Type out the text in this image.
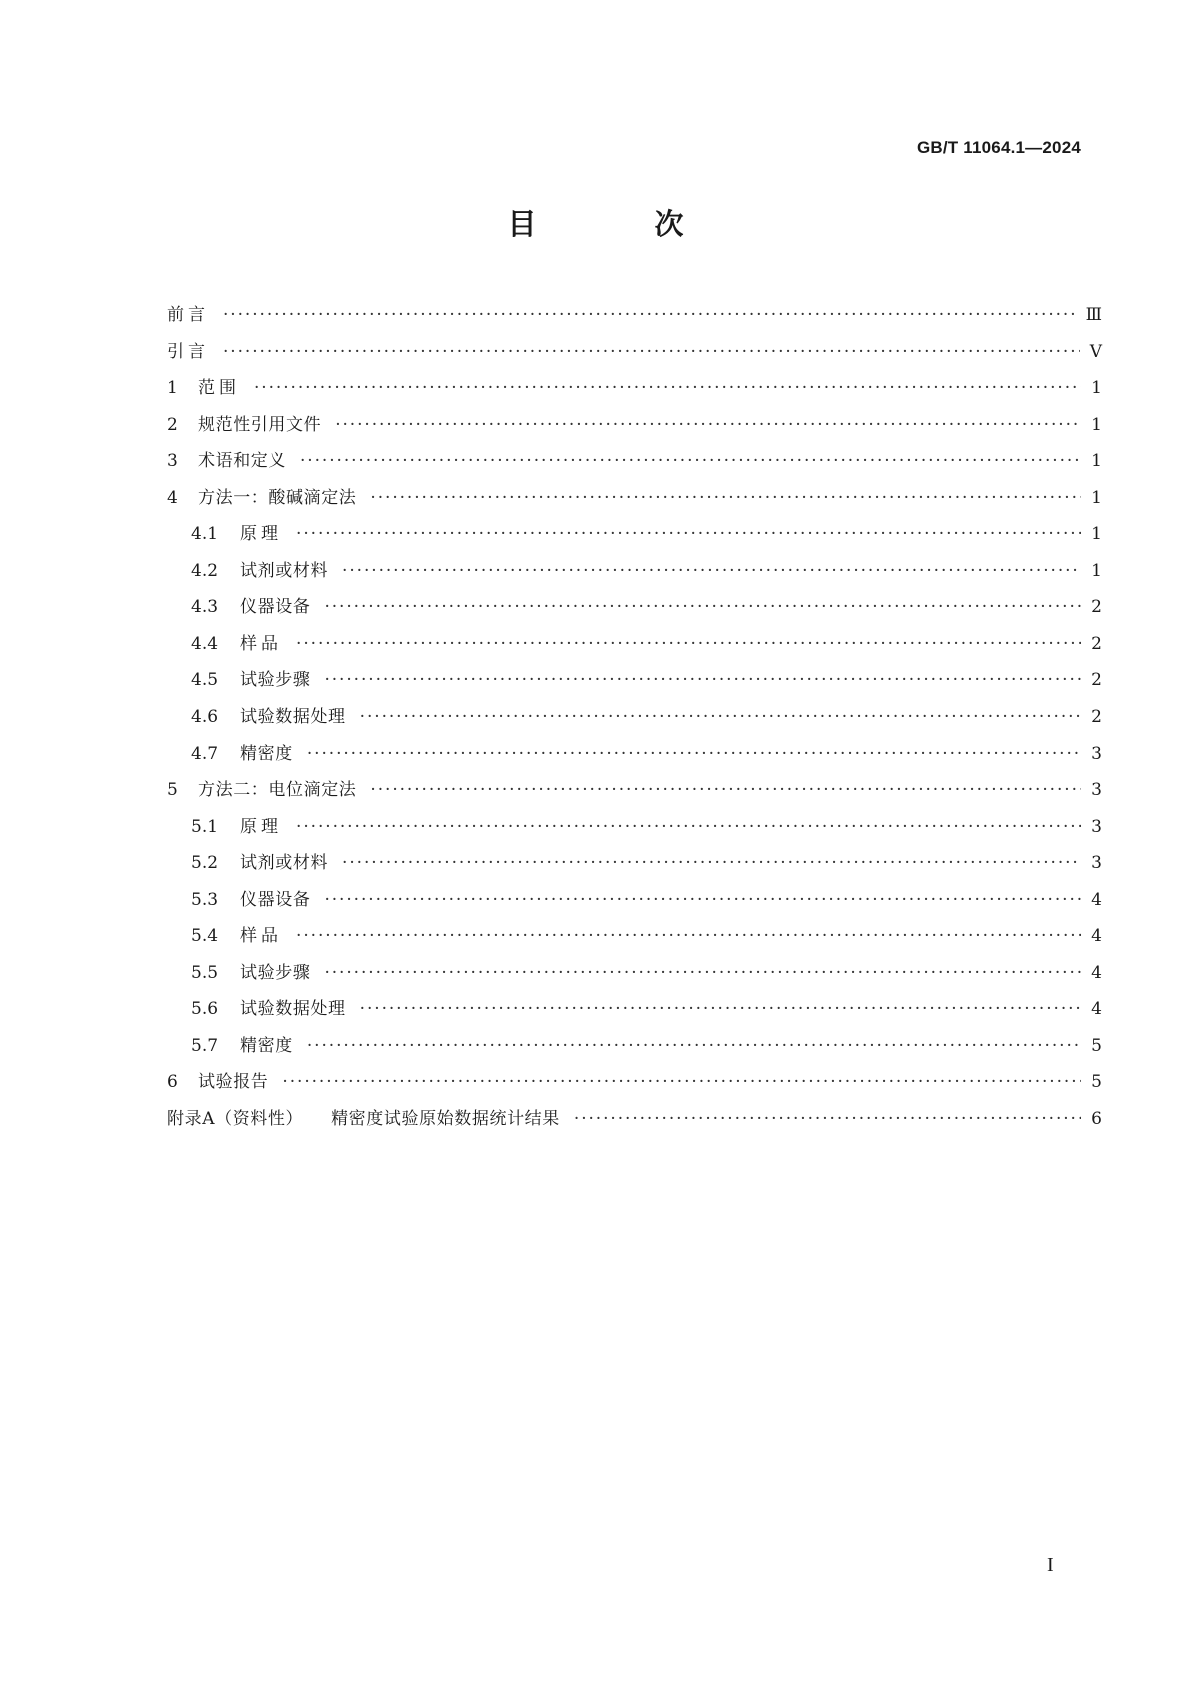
GB/T 11064.1—2024
目 次
前言 ·····	Ⅲ
引言 ·····	Ⅴ
1	范围 ·····	1
2	规范性引用文件 ·····	1
3	术语和定义 ·····	1
4	方法一：酸碱滴定法 ·····	1
4.1 原理 ·····	1
4.2 试剂或材料 ·····	1
4.3 仪器设备 ·····	2
4.4 样品 ·····	2
4.5 试验步骤 ·····	2
4.6 试验数据处理 ·····	2
4.7 精密度 ·····	3
5	方法二：电位滴定法 ·····	3
5.1 原理 ·····	3
5.2 试剂或材料 ·····	3
5.3 仪器设备 ·····	4
5.4 样品 ·····	4
5.5 试验步骤 ·····	4
5.6 试验数据处理 ·····	4
5.7 精密度 ·····	5
6	试验报告 ·····	5
附录A（资料性） 精密度试验原始数据统计结果 ·····	6
I
